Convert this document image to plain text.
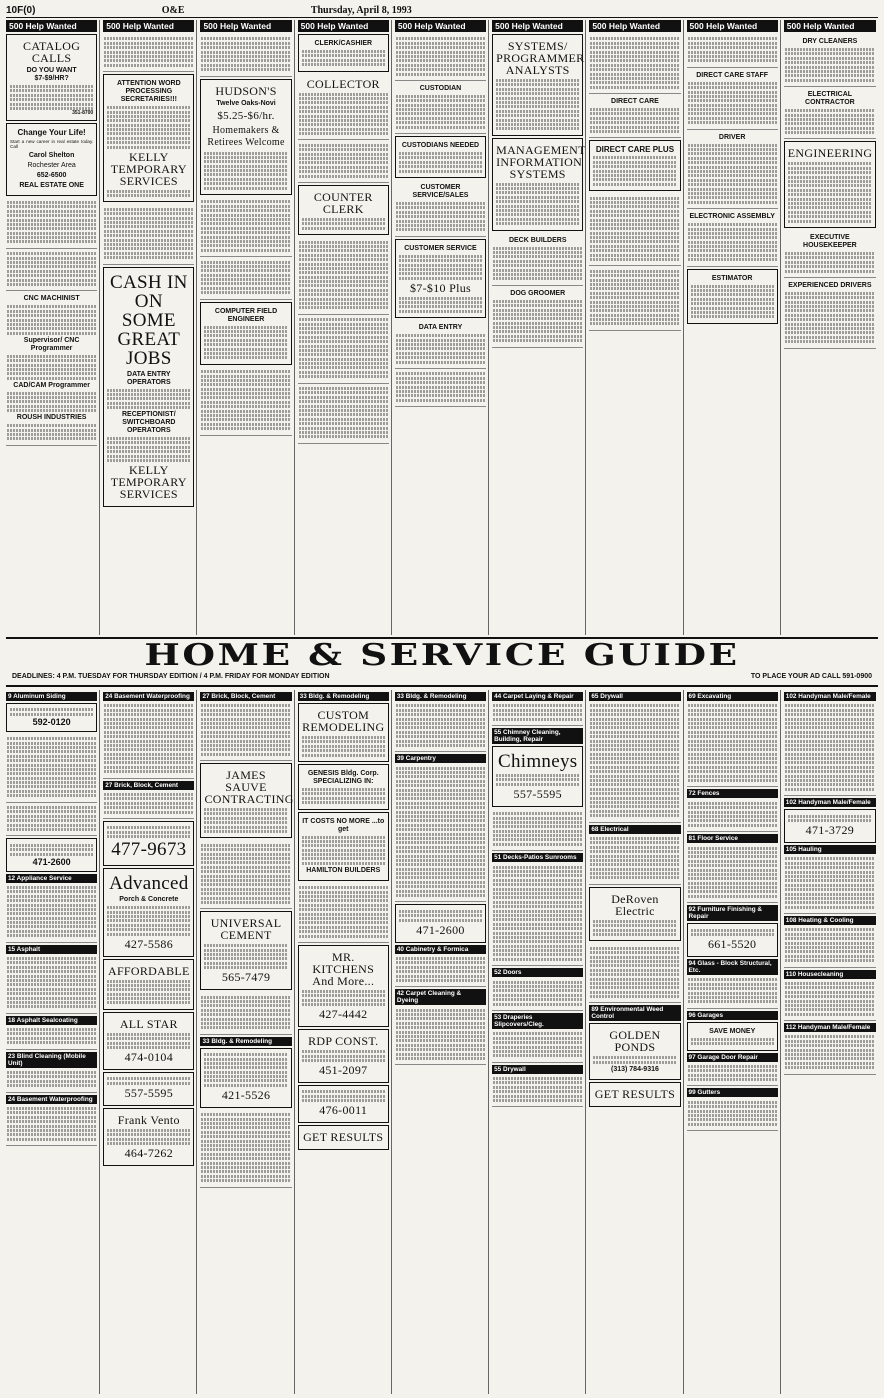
10F(0)	O&E	Thursday, April 8, 1993
500 Help Wanted
CATALOG CALLS
DO YOU WANT $7-$9/HR?
351-8700
Change Your Life!
Start a new career in real estate today. Call
Carol Shelton
Rochester Area
652-6500
REAL ESTATE ONE
CNC MACHINIST
Supervisor/ CNC Programmer
CAD/CAM Programmer
ROUSH INDUSTRIES
500 Help Wanted
ATTENTION WORD PROCESSING SECRETARIES!!!
KELLY TEMPORARY SERVICES
CASH IN ON SOME GREAT JOBS
DATA ENTRY OPERATORS
RECEPTIONIST/ SWITCHBOARD OPERATORS
KELLY TEMPORARY SERVICES
500 Help Wanted
HUDSON'S
Twelve Oaks-Novi
$5.25-$6/hr.
Homemakers & Retirees Welcome
COMPUTER FIELD ENGINEER
500 Help Wanted
CLERK/CASHIER
COLLECTOR
COUNTER CLERK
500 Help Wanted
CUSTODIAN
CUSTODIANS NEEDED
CUSTOMER SERVICE/SALES
CUSTOMER SERVICE
$7-$10 Plus
DATA ENTRY
500 Help Wanted
SYSTEMS/ PROGRAMMER ANALYSTS
MANAGEMENT INFORMATION SYSTEMS
DECK BUILDERS
DOG GROOMER
500 Help Wanted
DIRECT CARE
DIRECT CARE PLUS
500 Help Wanted
DIRECT CARE STAFF
DRIVER
ELECTRONIC ASSEMBLY
ESTIMATOR
500 Help Wanted
DRY CLEANERS
ELECTRICAL CONTRACTOR
ENGINEERING
EXECUTIVE HOUSEKEEPER
EXPERIENCED DRIVERS
HOME & SERVICE GUIDE
DEADLINES: 4 P.M. TUESDAY FOR THURSDAY EDITION / 4 P.M. FRIDAY FOR MONDAY EDITION	TO PLACE YOUR AD CALL 591-0900
9 Aluminum Siding
592-0120
471-2600
12 Appliance Service
15 Asphalt
18 Asphalt Sealcoating
23 Blind Cleaning (Mobile Unit)
24 Basement Waterproofing
24 Basement Waterproofing
27 Brick, Block, Cement
477-9673
Advanced
Porch & Concrete
427-5586
AFFORDABLE
ALL STAR
474-0104
557-5595
Frank Vento
464-7262
27 Brick, Block, Cement
JAMES SAUVE CONTRACTING
UNIVERSAL CEMENT
565-7479
33 Bldg. & Remodeling
421-5526
33 Bldg. & Remodeling
CUSTOM REMODELING
GENESIS Bldg. Corp. SPECIALIZING IN:
IT COSTS NO MORE ...to get
HAMILTON BUILDERS
MR. KITCHENS And More...
427-4442
RDP CONST.
451-2097
476-0011
GET RESULTS
33 Bldg. & Remodeling
39 Carpentry
471-2600
40 Cabinetry & Formica
42 Carpet Cleaning & Dyeing
44 Carpet Laying & Repair
55 Chimney Cleaning, Building, Repair
Chimneys
557-5595
51 Decks-Patios Sunrooms
52 Doors
53 Draperies Slipcovers/Cleg.
55 Drywall
65 Drywall
68 Electrical
DeRoven Electric
89 Environmental Weed Control
GOLDEN PONDS
(313) 784-9316
GET RESULTS
69 Excavating
72 Fences
81 Floor Service
92 Furniture Finishing & Repair
661-5520
94 Glass - Block Structural, Etc.
96 Garages
SAVE MONEY
97 Garage Door Repair
99 Gutters
102 Handyman Male/Female
102 Handyman Male/Female
471-3729
105 Hauling
108 Heating & Cooling
110 Housecleaning
112 Handyman Male/Female
